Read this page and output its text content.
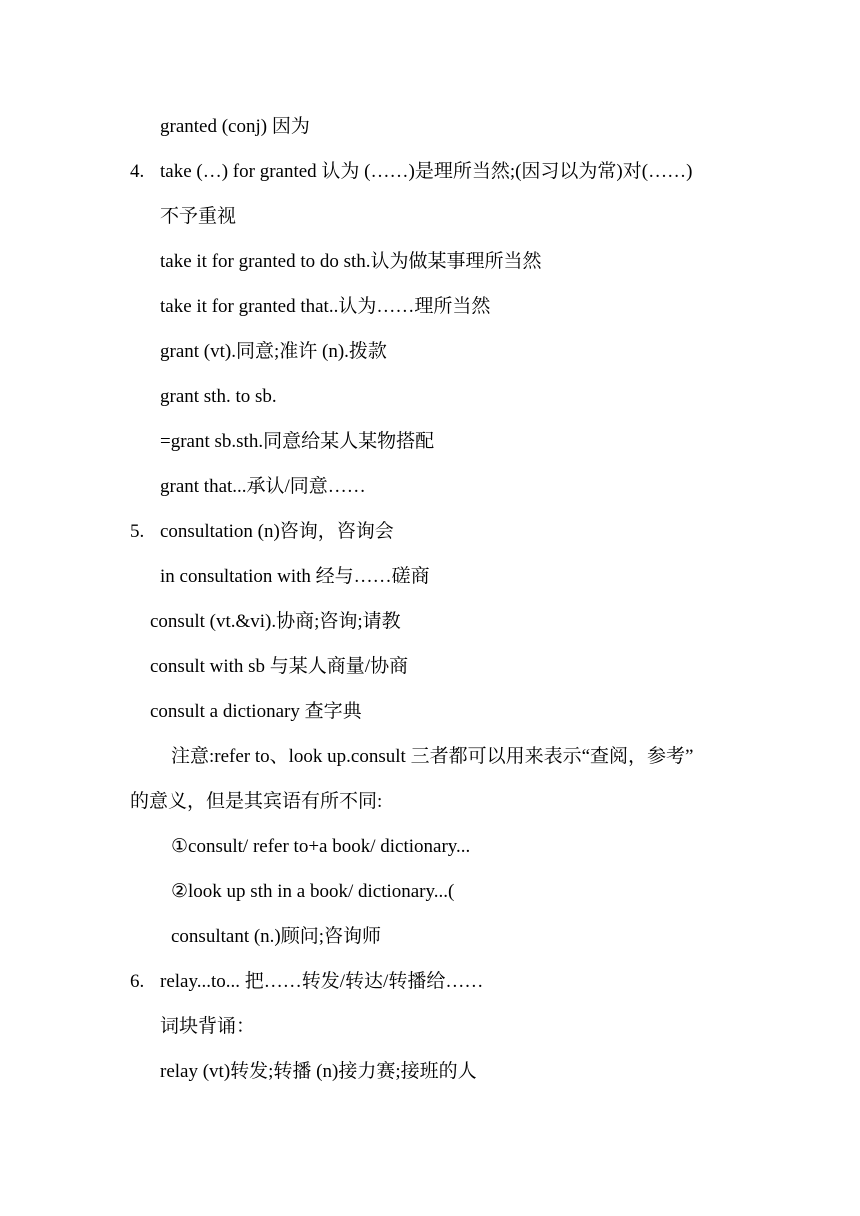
granted (conj) 因为
4. take (…) for granted 认为 (……)是理所当然;(因习以为常)对(……)
不予重视
take it for granted to do sth.认为做某事理所当然
take it for granted that..认为……理所当然
grant (vt).同意;准许 (n).拨款
grant sth. to sb.
=grant sb.sth.同意给某人某物搭配
grant that...承认/同意……
5. consultation (n)咨询，咨询会
in consultation with 经与……磋商
consult (vt.&vi).协商;咨询;请教
consult with sb 与某人商量/协商
consult a dictionary 查字典
注意:refer to、look up.consult 三者都可以用来表示“查阅，参考”
的意义，但是其宾语有所不同:
①consult/ refer to+a book/ dictionary...
②look up sth in a book/ dictionary...(
consultant (n.)顾问;咨询师
6. relay...to... 把……转发/转达/转播给……
词块背诵：
relay (vt)转发;转播 (n)接力赛;接班的人
